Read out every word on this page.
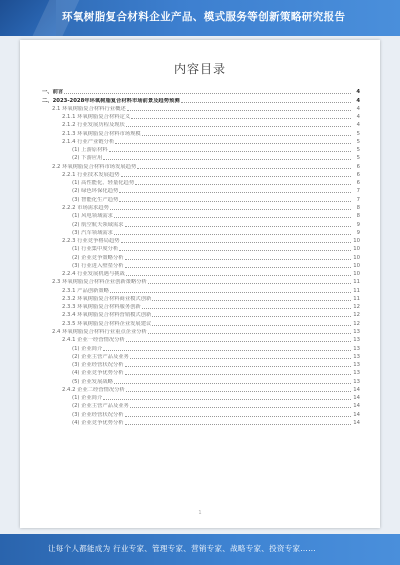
环氧树脂复合材料企业产品、模式服务等创新策略研究报告
内容目录
一、前言	4
二、2023-2028年环氧树脂复合材料市场前景及趋势预测	4
2.1 环氧树脂复合材料行业概述	4
2.1.1 环氧树脂复合材料定义	4
2.1.2 行业发展历程及现状	4
2.1.3 环氧树脂复合材料市场规模	5
2.1.4 行业产业链分析	5
(1) 上游原材料	5
(2) 下游应用	5
2.2 环氧树脂复合材料市场发展趋势	6
2.2.1 行业技术发展趋势	6
(1) 高性能化、轻量化趋势	6
(2) 绿色环保化趋势	7
(3) 智能化生产趋势	7
2.2.2 市场需求趋势	8
(1) 风电领域需求	8
(2) 航空航天领域需求	9
(3) 汽车领域需求	9
2.2.3 行业竞争格局趋势	10
(1) 行业集中度分析	10
(2) 企业竞争策略分析	10
(3) 行业进入壁垒分析	10
2.2.4 行业发展机遇与挑战	10
2.3 环氧树脂复合材料企业创新策略分析	11
2.3.1 产品创新策略	11
2.3.2 环氧树脂复合材料商业模式创新	11
2.3.3 环氧树脂复合材料服务创新	12
2.3.4 环氧树脂复合材料营销模式创新	12
2.3.5 环氧树脂复合材料企业发展建议	12
2.4 环氧树脂复合材料行业重点企业分析	13
2.4.1 企业一经营情况分析	13
(1) 企业简介	13
(2) 企业主营产品及业务	13
(3) 企业经营状况分析	13
(4) 企业竞争优势分析	13
(5) 企业发展战略	13
2.4.2 企业二经营情况分析	14
(1) 企业简介	14
(2) 企业主营产品及业务	14
(3) 企业经营状况分析	14
(4) 企业竞争优势分析	14
1
让每个人都能成为 行业专家、管理专家、营销专家、战略专家、投资专家……
